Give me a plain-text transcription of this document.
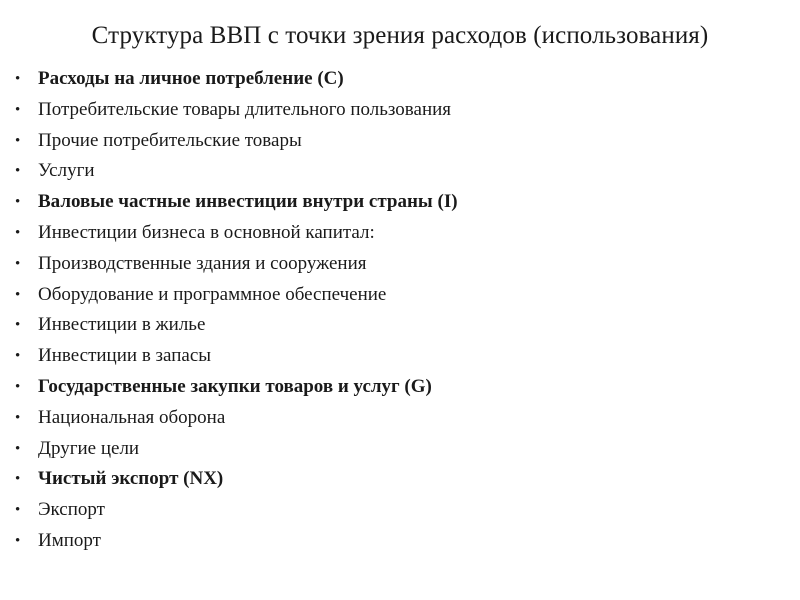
Структура ВВП с точки зрения расходов (использования)
• Расходы на личное потребление (C)
• Потребительские товары длительного пользования
• Прочие потребительские товары
• Услуги
• Валовые частные инвестиции внутри страны (I)
• Инвестиции бизнеса в основной капитал:
• Производственные здания и сооружения
• Оборудование и программное обеспечение
• Инвестиции в жилье
• Инвестиции в запасы
• Государственные закупки товаров и услуг (G)
• Национальная оборона
• Другие цели
• Чистый экспорт (NX)
• Экспорт
• Импорт
